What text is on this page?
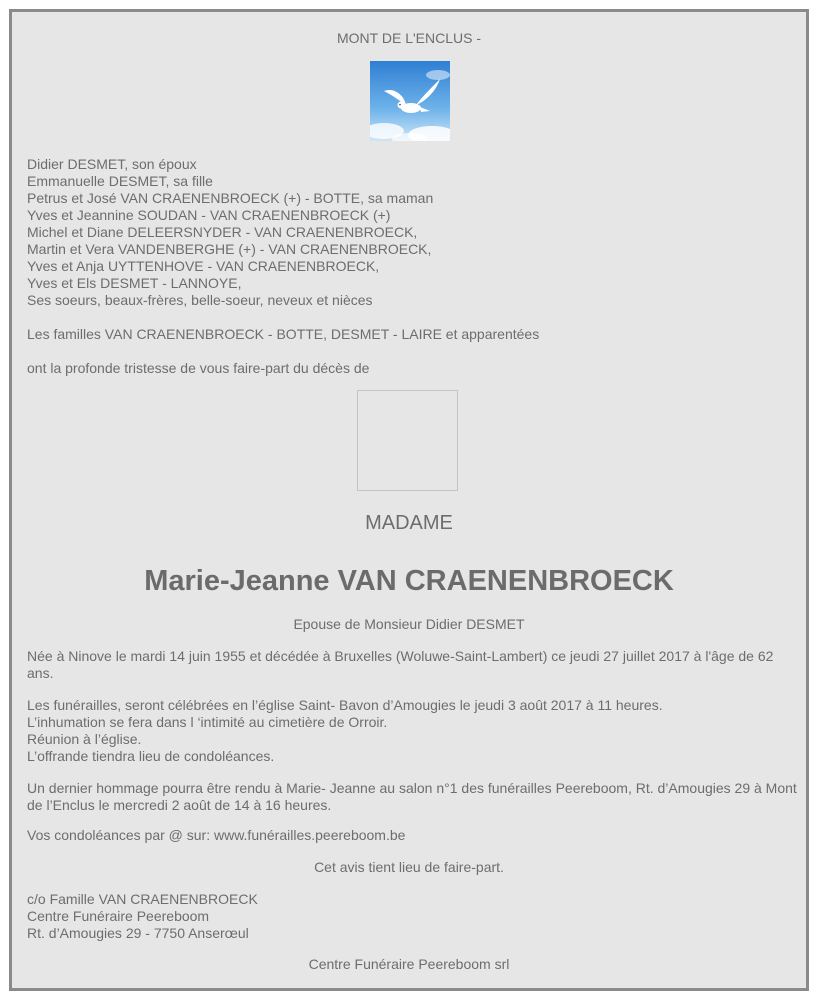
MONT DE L'ENCLUS -
Didier DESMET, son époux
Emmanuelle DESMET, sa fille
Petrus et José VAN CRAENENBROECK (+) - BOTTE, sa maman
Yves et Jeannine SOUDAN - VAN CRAENENBROECK (+)
Michel et Diane DELEERSNYDER - VAN CRAENENBROECK,
Martin et Vera VANDENBERGHE (+) - VAN CRAENENBROECK,
Yves et Anja UYTTENHOVE - VAN CRAENENBROECK,
Yves et Els DESMET - LANNOYE,
Ses soeurs, beaux-frères, belle-soeur, neveux et nièces
Les familles VAN CRAENENBROECK - BOTTE, DESMET - LAIRE et apparentées
ont la profonde tristesse de vous faire-part du décès de
MADAME
Marie-Jeanne VAN CRAENENBROECK
Epouse de Monsieur Didier DESMET
Née à Ninove le mardi 14 juin 1955 et décédée à Bruxelles (Woluwe-Saint-Lambert) ce jeudi 27 juillet 2017 à l'âge de 62 ans.
Les funérailles, seront célébrées en l’église Saint- Bavon d’Amougies le jeudi 3 août 2017 à 11 heures.
L’inhumation se fera dans l ‘intimité au cimetière de Orroir.
Réunion à l’église.
L’offrande tiendra lieu de condoléances.
Un dernier hommage pourra être rendu à Marie- Jeanne au salon n°1 des funérailles Peereboom, Rt. d’Amougies 29 à Mont de l’Enclus le mercredi 2 août de 14 à 16 heures.
Vos condoléances par @ sur: www.funérailles.peereboom.be
Cet avis tient lieu de faire-part.
c/o Famille VAN CRAENENBROECK
Centre Funéraire Peereboom
Rt. d’Amougies 29 - 7750 Anserœul
Centre Funéraire Peereboom srl
